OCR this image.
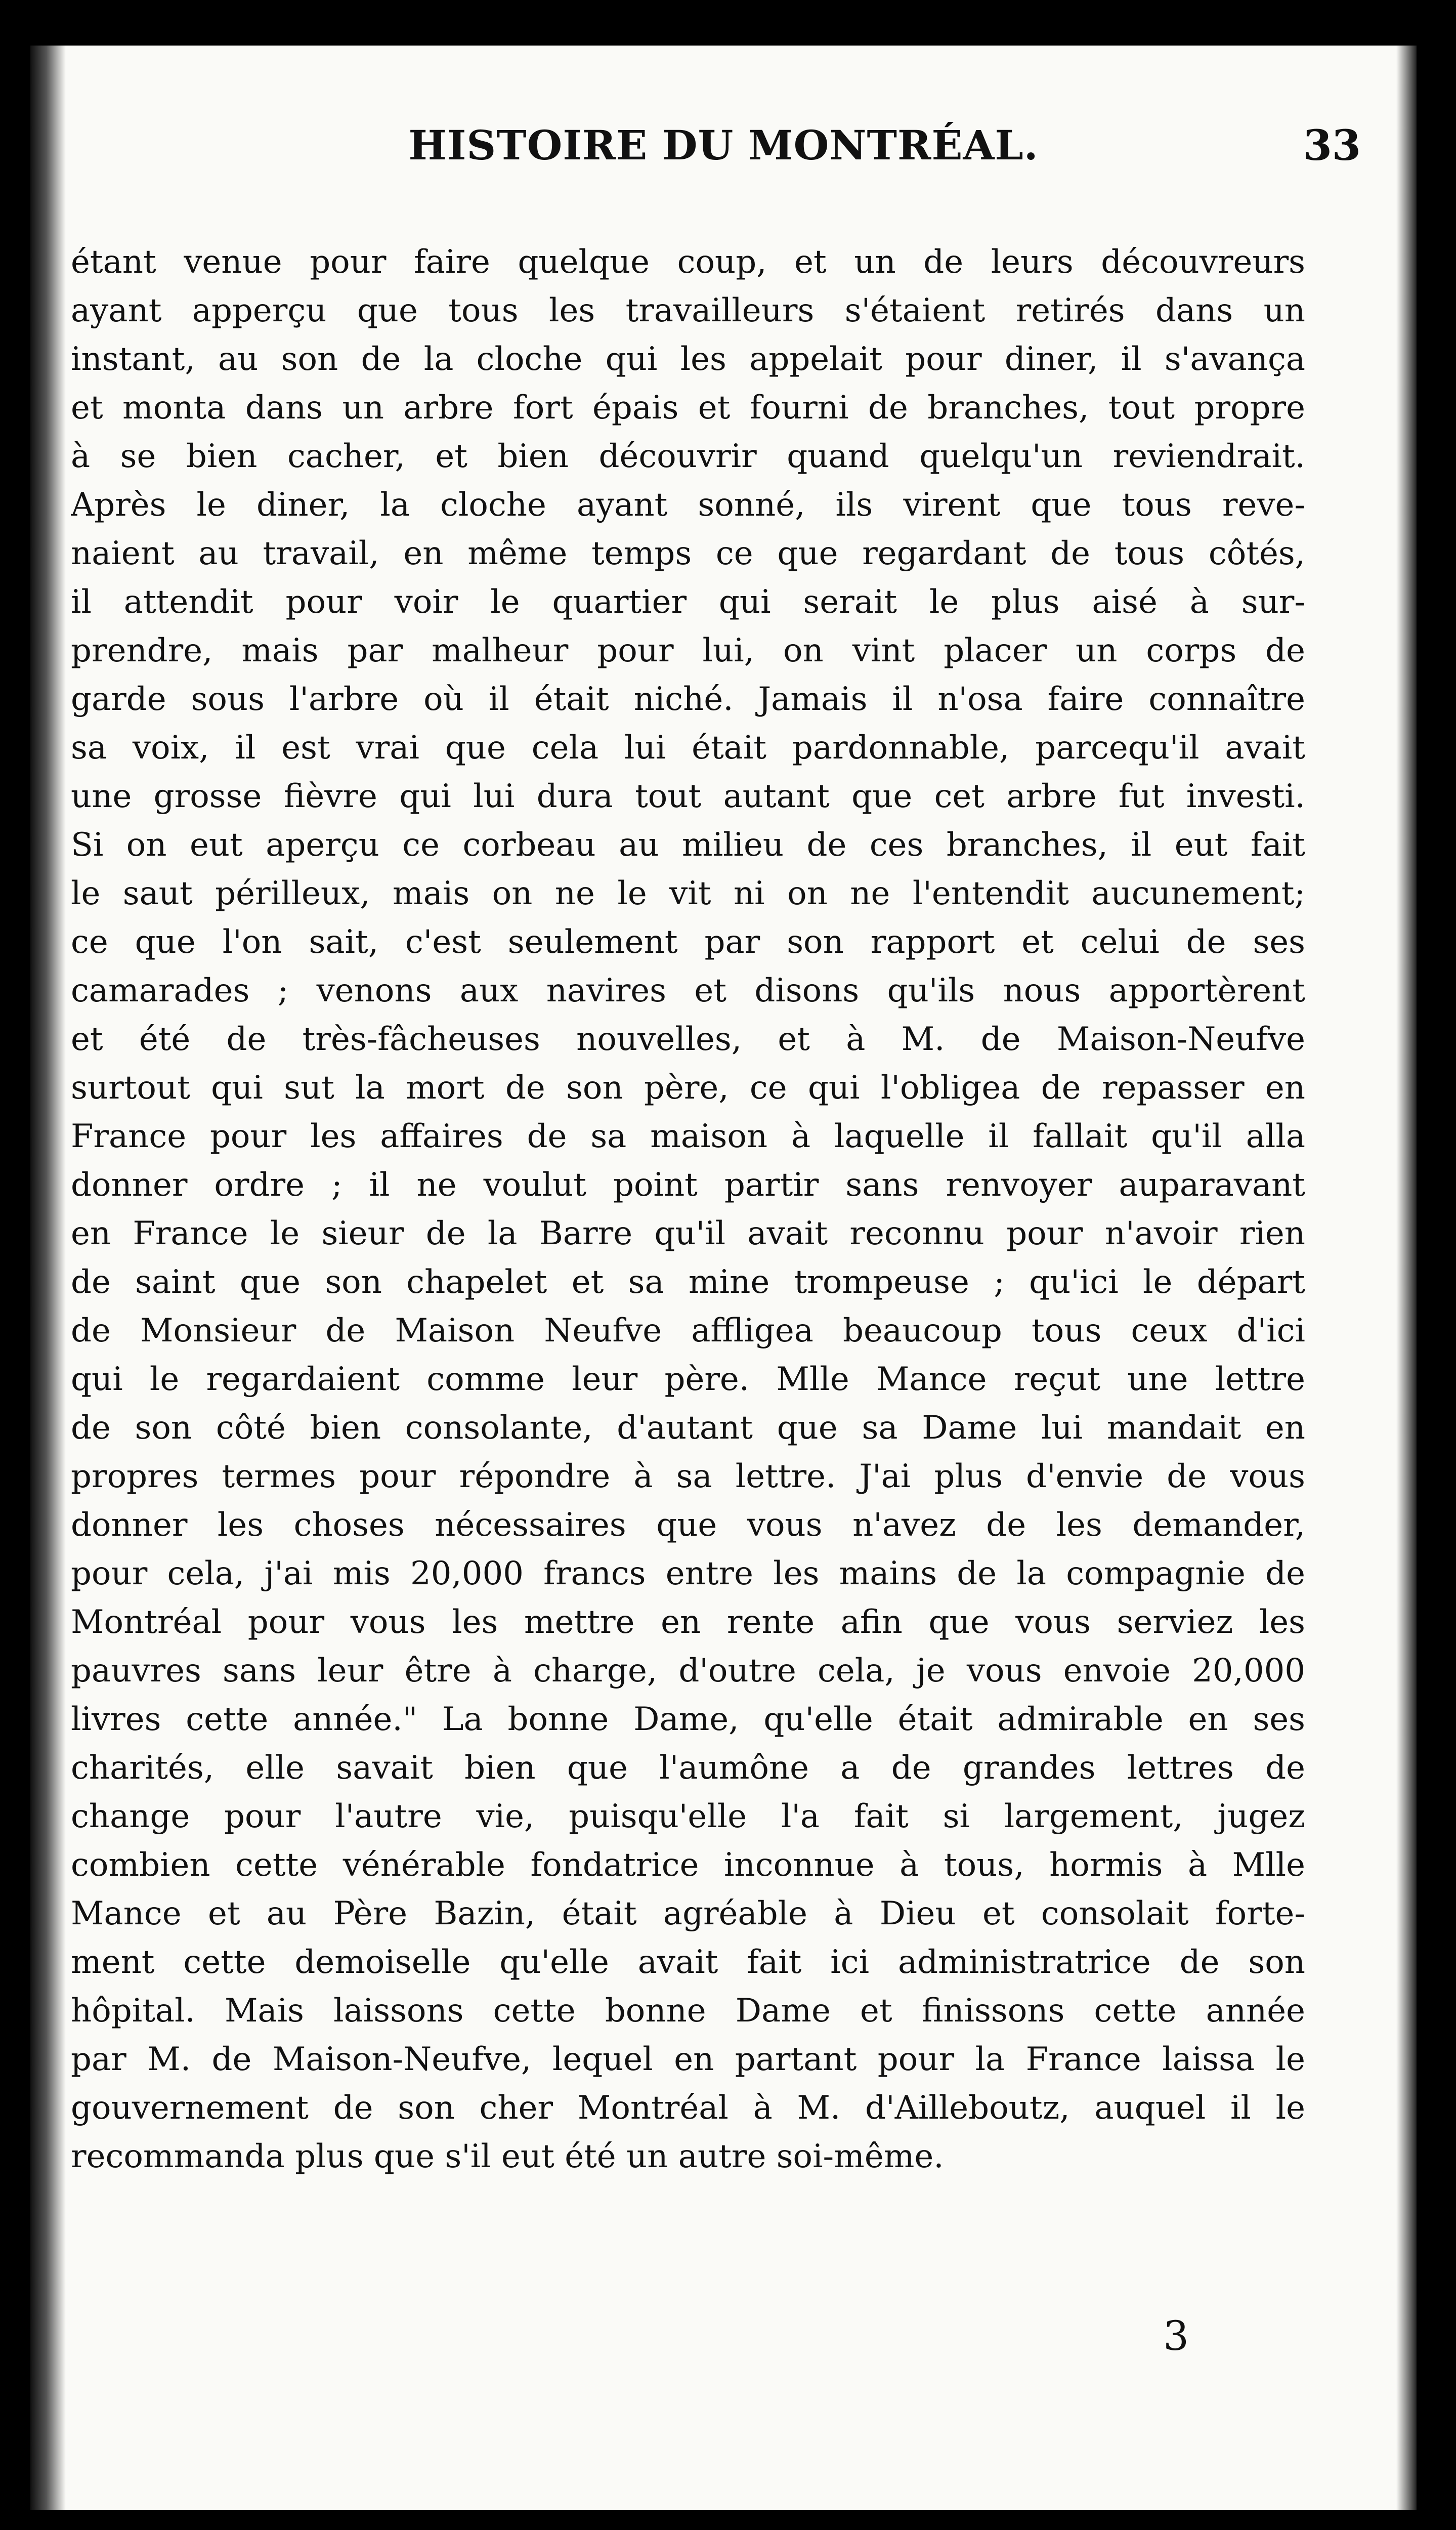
HISTOIRE DU MONTRÉAL.	33
étant venue pour faire quelque coup, et un de leurs découvreurs
ayant apperçu que tous les travailleurs s'étaient retirés dans un
instant, au son de la cloche qui les appelait pour diner, il s'avança
et monta dans un arbre fort épais et fourni de branches, tout propre
à se bien cacher, et bien découvrir quand quelqu'un reviendrait.
Après le diner, la cloche ayant sonné, ils virent que tous reve-
naient au travail, en même temps ce que regardant de tous côtés,
il attendit pour voir le quartier qui serait le plus aisé à sur-
prendre, mais par malheur pour lui, on vint placer un corps de
garde sous l'arbre où il était niché. Jamais il n'osa faire connaître
sa voix, il est vrai que cela lui était pardonnable, parcequ'il avait
une grosse fièvre qui lui dura tout autant que cet arbre fut investi.
Si on eut aperçu ce corbeau au milieu de ces branches, il eut fait
le saut périlleux, mais on ne le vit ni on ne l'entendit aucunement;
ce que l'on sait, c'est seulement par son rapport et celui de ses
camarades ; venons aux navires et disons qu'ils nous apportèrent
et été de très-fâcheuses nouvelles, et à M. de Maison-Neufve
surtout qui sut la mort de son père, ce qui l'obligea de repasser en
France pour les affaires de sa maison à laquelle il fallait qu'il alla
donner ordre ; il ne voulut point partir sans renvoyer auparavant
en France le sieur de la Barre qu'il avait reconnu pour n'avoir rien
de saint que son chapelet et sa mine trompeuse ; qu'ici le départ
de Monsieur de Maison Neufve affligea beaucoup tous ceux d'ici
qui le regardaient comme leur père. Mlle Mance reçut une lettre
de son côté bien consolante, d'autant que sa Dame lui mandait en
propres termes pour répondre à sa lettre. J'ai plus d'envie de vous
donner les choses nécessaires que vous n'avez de les demander,
pour cela, j'ai mis 20,000 francs entre les mains de la compagnie de
Montréal pour vous les mettre en rente afin que vous serviez les
pauvres sans leur être à charge, d'outre cela, je vous envoie 20,000
livres cette année." La bonne Dame, qu'elle était admirable en ses
charités, elle savait bien que l'aumône a de grandes lettres de
change pour l'autre vie, puisqu'elle l'a fait si largement, jugez
combien cette vénérable fondatrice inconnue à tous, hormis à Mlle
Mance et au Père Bazin, était agréable à Dieu et consolait forte-
ment cette demoiselle qu'elle avait fait ici administratrice de son
hôpital. Mais laissons cette bonne Dame et finissons cette année
par M. de Maison-Neufve, lequel en partant pour la France laissa le
gouvernement de son cher Montréal à M. d'Ailleboutz, auquel il le
recommanda plus que s'il eut été un autre soi-même.
3
